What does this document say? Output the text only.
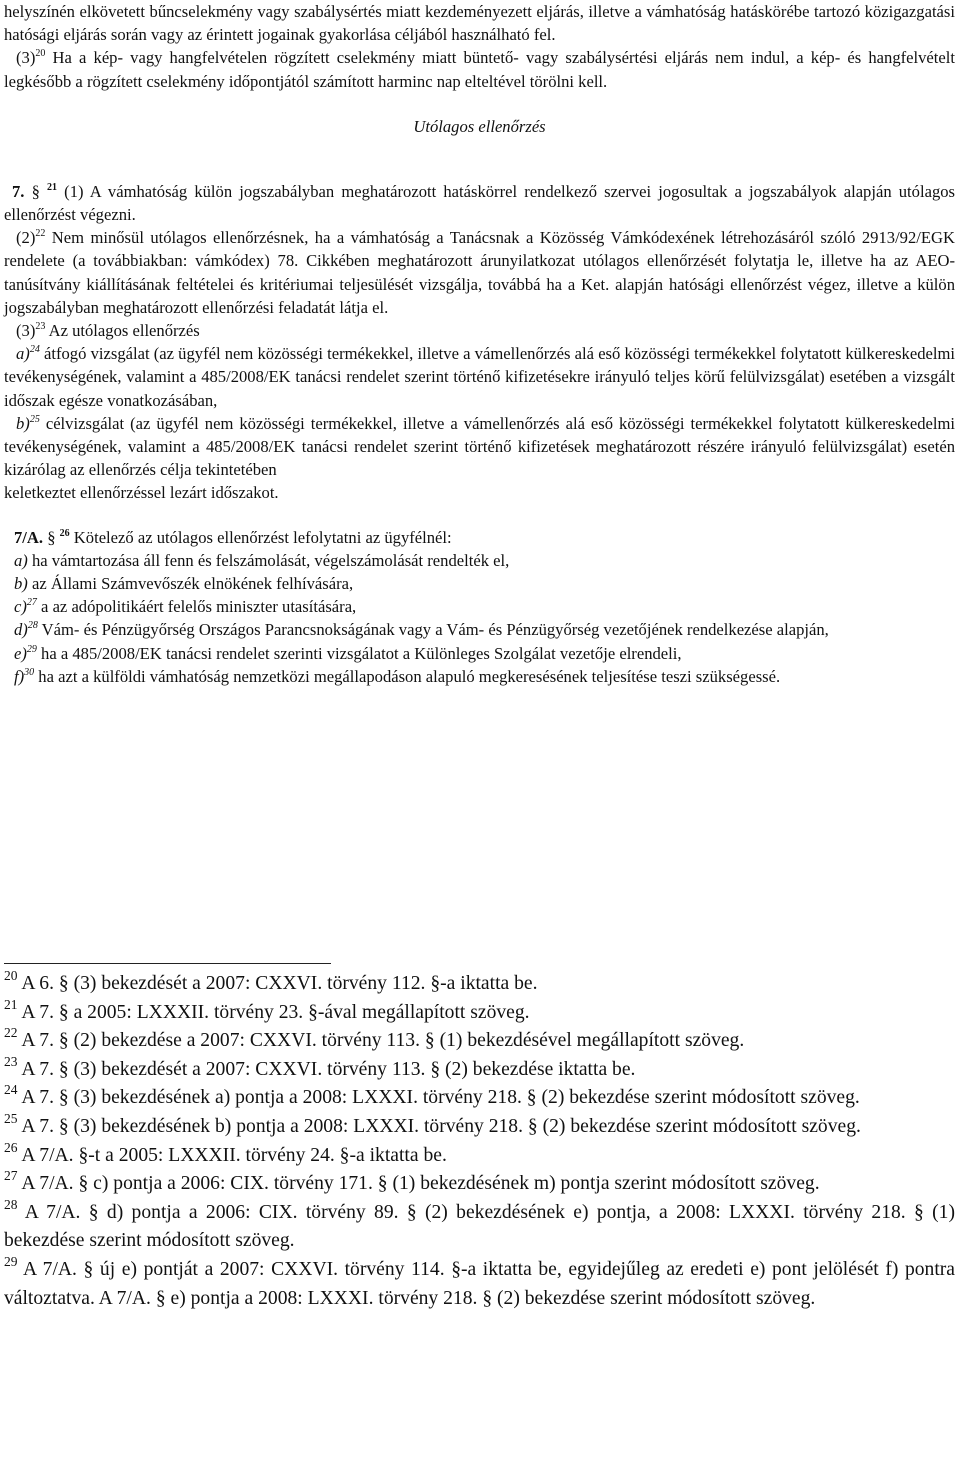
helyszínén elkövetett bűncselekmény vagy szabálysértés miatt kezdeményezett eljárás, illetve a vámhatóság hatáskörébe tartozó közigazgatási hatósági eljárás során vagy az érintett jogainak gyakorlása céljából használható fel.

$(3)^{20}$ Ha a kép- vagy hangfelvételen rögzített cselekmény miatt büntető- vagy szabálysértési eljárás nem indul, a kép- és hangfelvételt legkésőbb a rögzített cselekmény időpontjától számított harminc nap elteltével törölni kell.

Utólagos ellenőrzés

7. § $^{21}$ (1) A vámhatóság külön jogszabályban meghatározott hatáskörrel rendelkező szervei jogosultak a jogszabályok alapján utólagos ellenőrzést végezni.

$(2)^{22}$ Nem minősül utólagos ellenőrzésnek, ha a vámhatóság a Tanácsnak a Közösség Vámkódexének létrehozásáról szóló 2913/92/EGK rendelete (a továbbiakban: vámkódex) 78. Cikkében meghatározott árunyilatkozat utólagos ellenőrzését folytatja le, illetve ha az AEO-tanúsítvány kiállításának feltételei és kritériumai teljesülését vizsgálja, továbbá ha a Ket. alapján hatósági ellenőrzést végez, illetve a külön jogszabályban meghatározott ellenőrzési feladatát látja el.

$(3)^{23}$ Az utólagos ellenőrzés

a)$^{24}$ átfogó vizsgálat (az ügyfél nem közösségi termékekkel, illetve a vámellenőrzés alá eső közösségi termékekkel folytatott külkereskedelmi tevékenységének, valamint a 485/2008/EK tanácsi rendelet szerint történő kifizetésekre irányuló teljes körű felülvizsgálat) esetében a vizsgált időszak egésze vonatkozásában,

b)$^{25}$ célvizsgálat (az ügyfél nem közösségi termékekkel, illetve a vámellenőrzés alá eső közösségi termékekkel folytatott külkereskedelmi tevékenységének, valamint a 485/2008/EK tanácsi rendelet szerint történő kifizetések meghatározott részére irányuló felülvizsgálat) esetén kizárólag az ellenőrzés célja tekintetében

keletkeztet ellenőrzéssel lezárt időszakot.

7/A. § $^{26}$ Kötelező az utólagos ellenőrzést lefolytatni az ügyfélnél:

a) ha vámtartozása áll fenn és felszámolását, végelszámolását rendelték el,

b) az Állami Számvevőszék elnökének felhívására,

c)$^{27}$ a az adópolitikáért felelős miniszter utasítására,

d)$^{28}$ Vám- és Pénzügyőrség Országos Parancsnokságának vagy a Vám- és Pénzügyőrség vezetőjének rendelkezése alapján,

e)$^{29}$ ha a 485/2008/EK tanácsi rendelet szerinti vizsgálatot a Különleges Szolgálat vezetője elrendeli,

f)$^{30}$ ha azt a külföldi vámhatóság nemzetközi megállapodáson alapuló megkeresésének teljesítése teszi szükségessé.

$^{20}$ A 6. § (3) bekezdését a 2007: CXXVI. törvény 112. §-a iktatta be.

$^{21}$ A 7. § a 2005: LXXXII. törvény 23. §-ával megállapított szöveg.

$^{22}$ A 7. § (2) bekezdése a 2007: CXXVI. törvény 113. § (1) bekezdésével megállapított szöveg.

$^{23}$ A 7. § (3) bekezdését a 2007: CXXVI. törvény 113. § (2) bekezdése iktatta be.

$^{24}$ A 7. § (3) bekezdésének a) pontja a 2008: LXXXI. törvény 218. § (2) bekezdése szerint módosított szöveg.

$^{25}$ A 7. § (3) bekezdésének b) pontja a 2008: LXXXI. törvény 218. § (2) bekezdése szerint módosított szöveg.

$^{26}$ A 7/A. §-t a 2005: LXXXII. törvény 24. §-a iktatta be.

$^{27}$ A 7/A. § c) pontja a 2006: CIX. törvény 171. § (1) bekezdésének m) pontja szerint módosított szöveg.

$^{28}$ A 7/A. § d) pontja a 2006: CIX. törvény 89. § (2) bekezdésének e) pontja, a 2008: LXXXI. törvény 218. § (1) bekezdése szerint módosított szöveg.

$^{29}$ A 7/A. § új e) pontját a 2007: CXXVI. törvény 114. §-a iktatta be, egyidejűleg az eredeti e) pont jelölését f) pontra változtatva. A 7/A. § e) pontja a 2008: LXXXI. törvény 218. § (2) bekezdése szerint módosított szöveg.
